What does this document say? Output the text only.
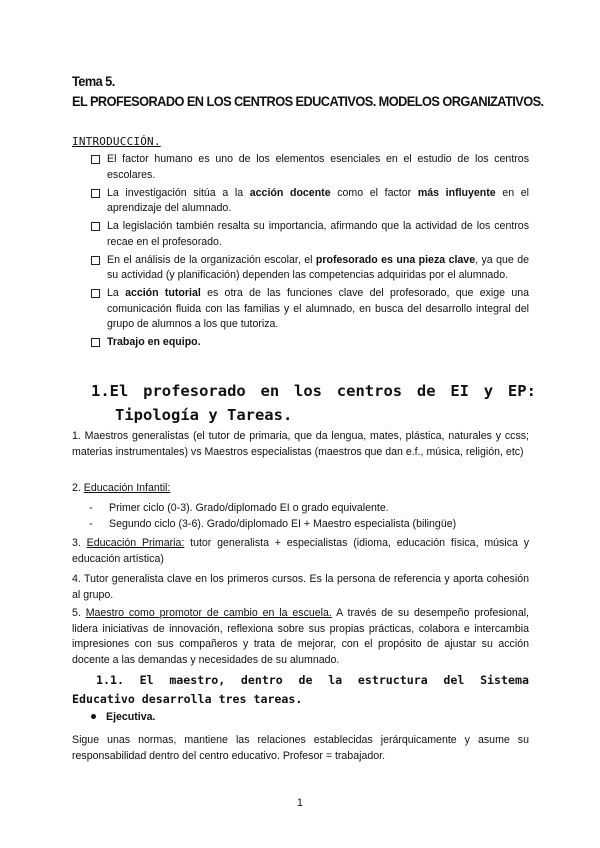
Tema 5.
EL PROFESORADO EN LOS CENTROS EDUCATIVOS. MODELOS ORGANIZATIVOS.
INTRODUCCIÓN.
El factor humano es uno de los elementos esenciales en el estudio de los centros escolares.
La investigación sitúa a la acción docente como el factor más influyente en el aprendizaje del alumnado.
La legislación también resalta su importancia, afirmando que la actividad de los centros recae en el profesorado.
En el análisis de la organización escolar, el profesorado es una pieza clave, ya que de su actividad (y planificación) dependen las competencias adquiridas por el alumnado.
La acción tutorial es otra de las funciones clave del profesorado, que exige una comunicación fluida con las familias y el alumnado, en busca del desarrollo integral del grupo de alumnos a los que tutoriza.
Trabajo en equipo.
1.El profesorado en los centros de EI y EP:
Tipología y Tareas.
1. Maestros generalistas (el tutor de primaria, que da lengua, mates, plástica, naturales y ccss; materias instrumentales) vs Maestros especialistas (maestros que dan e.f., música, religión, etc)
2. Educación Infantil:
- Primer ciclo (0-3). Grado/diplomado EI o grado equivalente.
- Segundo ciclo (3-6). Grado/diplomado EI + Maestro especialista (bilingüe)
3. Educación Primaria: tutor generalista + especialistas (idioma, educación física, música y educación artística)
4. Tutor generalista clave en los primeros cursos. Es la persona de referencia y aporta cohesión al grupo.
5. Maestro como promotor de cambio en la escuela. A través de su desempeño profesional, lidera iniciativas de innovación, reflexiona sobre sus propias prácticas, colabora e intercambia impresiones con sus compañeros y trata de mejorar, con el propósito de ajustar su acción docente a las demandas y necesidades de su alumnado.
1.1. El maestro, dentro de la estructura del Sistema
Educativo desarrolla tres tareas.
Ejecutiva.
Sigue unas normas, mantiene las relaciones establecidas jerárquicamente y asume su responsabilidad dentro del centro educativo. Profesor = trabajador.
1
